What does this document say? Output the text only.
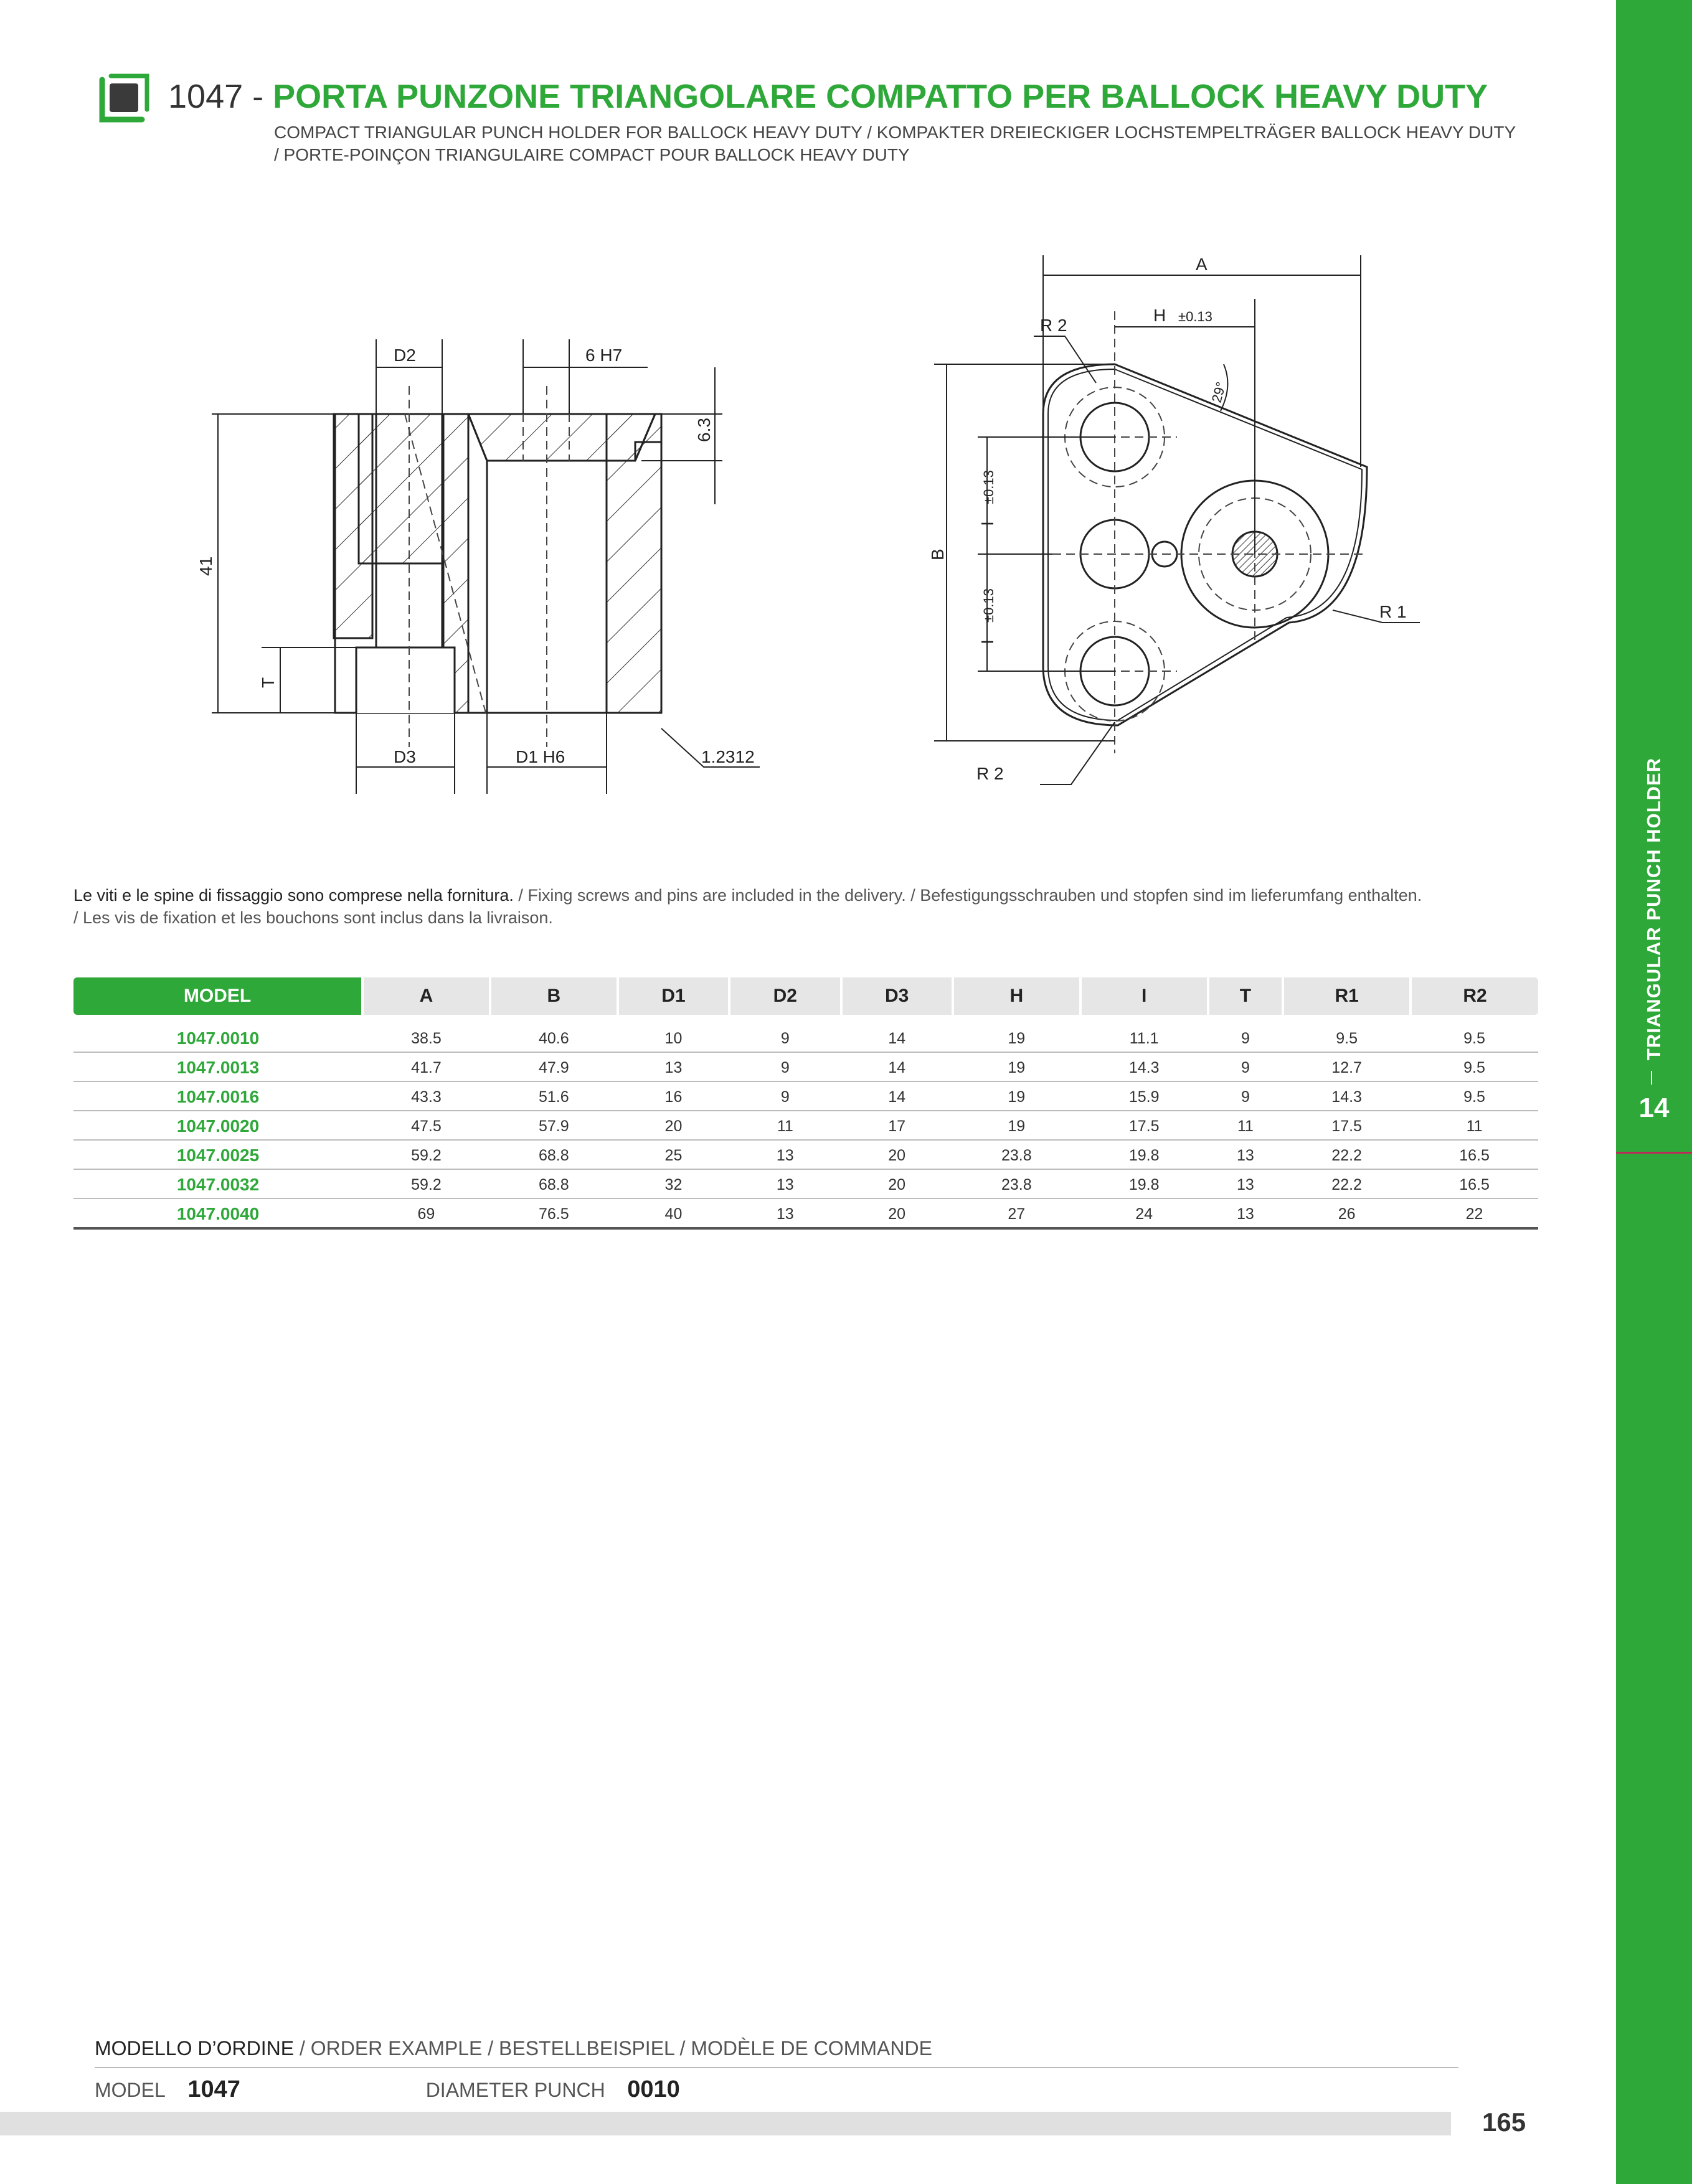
1047 - PORTA PUNZONE TRIANGOLARE COMPATTO PER BALLOCK HEAVY DUTY
COMPACT TRIANGULAR PUNCH HOLDER FOR BALLOCK HEAVY DUTY / KOMPAKTER DREIECKIGER LOCHSTEMPELTRÄGER BALLOCK HEAVY DUTY
/ PORTE-POINÇON TRIANGULAIRE COMPACT POUR BALLOCK HEAVY DUTY
TRIANGULAR PUNCH HOLDER
14
D2	6 H7
6.3
41
T
D3	D1 H6	1.2312
A
H ±0.13
R 2
29°
±0.13
I
B
±0.13
I
R 1
R 2
Le viti e le spine di fissaggio sono comprese nella fornitura. / Fixing screws and pins are included in the delivery. / Befestigungsschrauben und stopfen sind im lieferumfang enthalten.
/ Les vis de fixation et les bouchons sont inclus dans la livraison.
MODEL	A	B	D1	D2	D3	H	I	T	R1	R2
1047.0010	38.5	40.6	10	9	14	19	11.1	9	9.5	9.5
1047.0013	41.7	47.9	13	9	14	19	14.3	9	12.7	9.5
1047.0016	43.3	51.6	16	9	14	19	15.9	9	14.3	9.5
1047.0020	47.5	57.9	20	11	17	19	17.5	11	17.5	11
1047.0025	59.2	68.8	25	13	20	23.8	19.8	13	22.2	16.5
1047.0032	59.2	68.8	32	13	20	23.8	19.8	13	22.2	16.5
1047.0040	69	76.5	40	13	20	27	24	13	26	22
MODELLO D’ORDINE / ORDER EXAMPLE / BESTELLBEISPIEL / MODÈLE DE COMMANDE
MODEL 1047	DIAMETER PUNCH 0010
165
